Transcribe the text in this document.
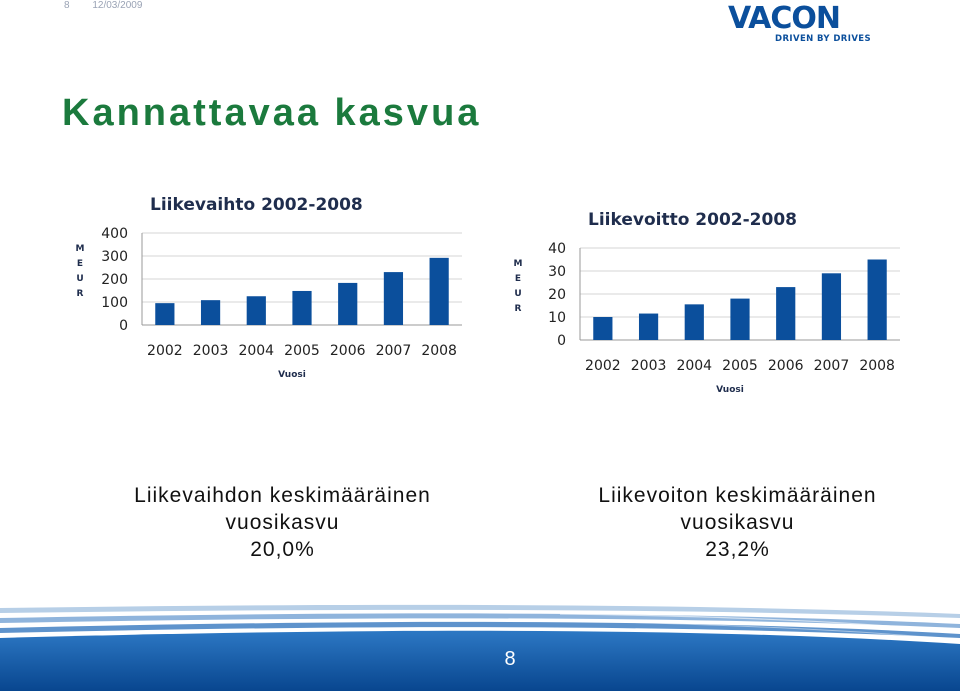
8 12/03/2009	VACON
DRIVEN BY DRIVES
Kannattavaa kasvua
Liikevaihto 2002-2008
0
100
200
300
400
2002 2003 2004 2005 2006 2007 2008
Vuosi
M
E
U
R
Liikevoitto 2002-2008
0
10
20
30
40
2002 2003 2004 2005 2006 2007 2008
Vuosi
M
E
U
R
Liikevaihdon keskimääräinen
vuosikasvu
20,0%
Liikevoiton keskimääräinen
vuosikasvu
23,2%
8
